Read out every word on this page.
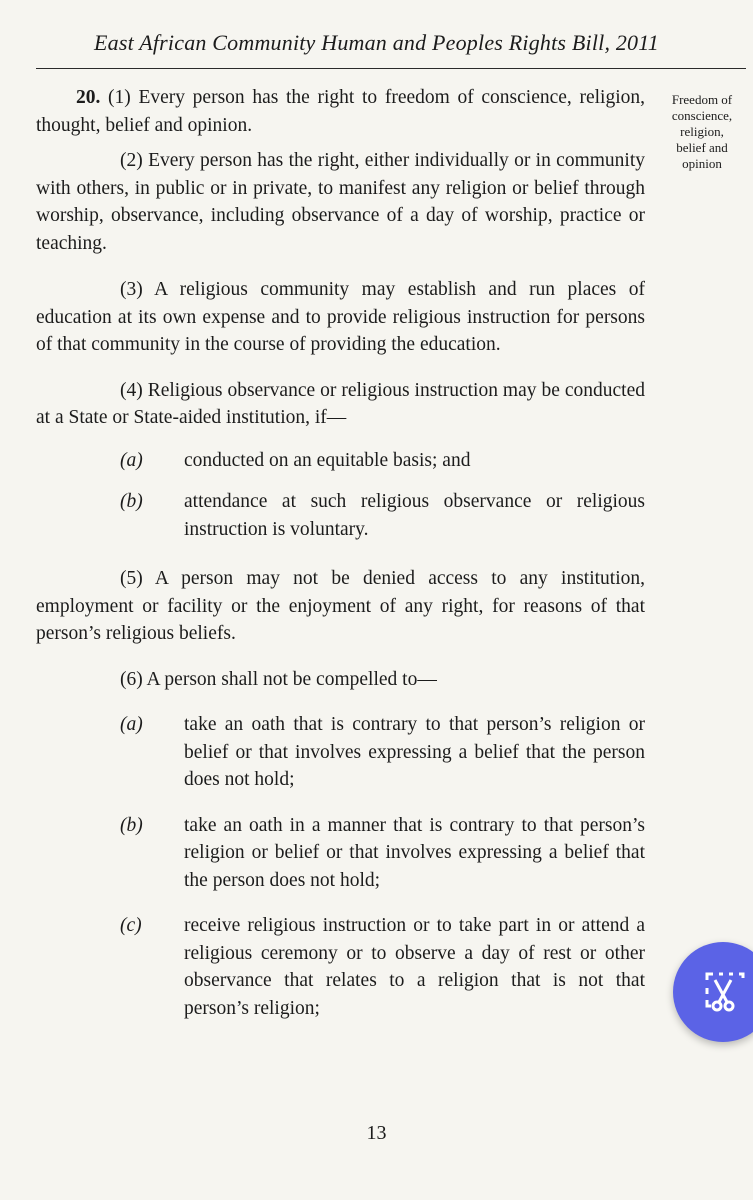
East African Community Human and Peoples Rights Bill, 2011
Freedom of
conscience,
religion,
belief and
opinion

20. (1) Every person has the right to freedom of conscience, religion, thought, belief and opinion.

(2) Every person has the right, either individually or in community with others, in public or in private, to manifest any religion or belief through worship, observance, including observance of a day of worship, practice or teaching.

(3) A religious community may establish and run places of education at its own expense and to provide religious instruction for persons of that community in the course of providing the education.

(4) Religious observance or religious instruction may be conducted at a State or State-aided institution, if—

(a)	conducted on an equitable basis; and
(b)	attendance at such religious observance or religious instruction is voluntary.

(5) A person may not be denied access to any institution, employment or facility or the enjoyment of any right, for reasons of that person’s religious beliefs.

(6) A person shall not be compelled to—

(a)	take an oath that is contrary to that person’s religion or belief or that involves expressing a belief that the person does not hold;
(b)	take an oath in a manner that is contrary to that person’s religion or belief or that involves expressing a belief that the person does not hold;
(c)	receive religious instruction or to take part in or attend a religious ceremony or to observe a day of rest or other observance that relates to a religion that is not that person’s religion;
13
